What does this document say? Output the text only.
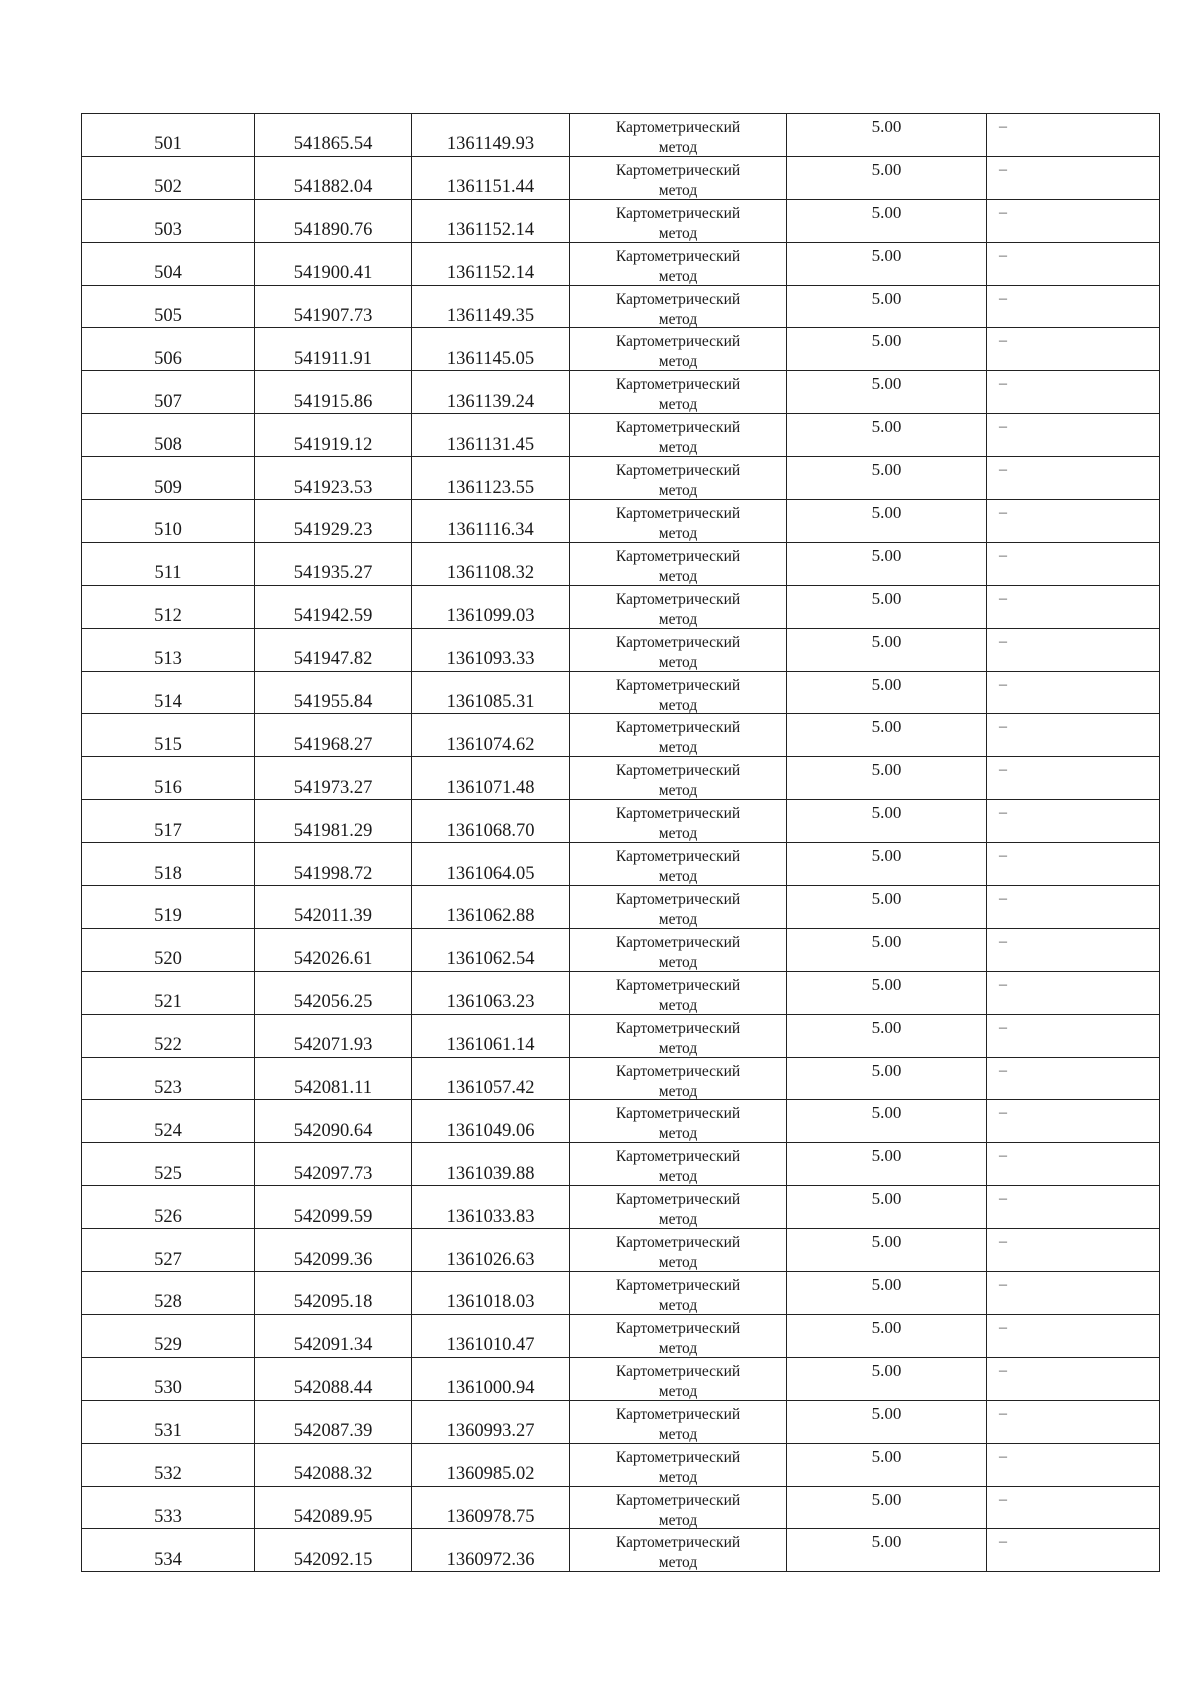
501	541865.54	1361149.93	Картометрический
метод	5.00	–

502	541882.04	1361151.44	Картометрический
метод	5.00	–

503	541890.76	1361152.14	Картометрический
метод	5.00	–

504	541900.41	1361152.14	Картометрический
метод	5.00	–

505	541907.73	1361149.35	Картометрический
метод	5.00	–

506	541911.91	1361145.05	Картометрический
метод	5.00	–

507	541915.86	1361139.24	Картометрический
метод	5.00	–

508	541919.12	1361131.45	Картометрический
метод	5.00	–

509	541923.53	1361123.55	Картометрический
метод	5.00	–

510	541929.23	1361116.34	Картометрический
метод	5.00	–

511	541935.27	1361108.32	Картометрический
метод	5.00	–

512	541942.59	1361099.03	Картометрический
метод	5.00	–

513	541947.82	1361093.33	Картометрический
метод	5.00	–

514	541955.84	1361085.31	Картометрический
метод	5.00	–

515	541968.27	1361074.62	Картометрический
метод	5.00	–

516	541973.27	1361071.48	Картометрический
метод	5.00	–

517	541981.29	1361068.70	Картометрический
метод	5.00	–

518	541998.72	1361064.05	Картометрический
метод	5.00	–

519	542011.39	1361062.88	Картометрический
метод	5.00	–

520	542026.61	1361062.54	Картометрический
метод	5.00	–

521	542056.25	1361063.23	Картометрический
метод	5.00	–

522	542071.93	1361061.14	Картометрический
метод	5.00	–

523	542081.11	1361057.42	Картометрический
метод	5.00	–

524	542090.64	1361049.06	Картометрический
метод	5.00	–

525	542097.73	1361039.88	Картометрический
метод	5.00	–

526	542099.59	1361033.83	Картометрический
метод	5.00	–

527	542099.36	1361026.63	Картометрический
метод	5.00	–

528	542095.18	1361018.03	Картометрический
метод	5.00	–

529	542091.34	1361010.47	Картометрический
метод	5.00	–

530	542088.44	1361000.94	Картометрический
метод	5.00	–

531	542087.39	1360993.27	Картометрический
метод	5.00	–

532	542088.32	1360985.02	Картометрический
метод	5.00	–

533	542089.95	1360978.75	Картометрический
метод	5.00	–

534	542092.15	1360972.36	Картометрический
метод	5.00	–
